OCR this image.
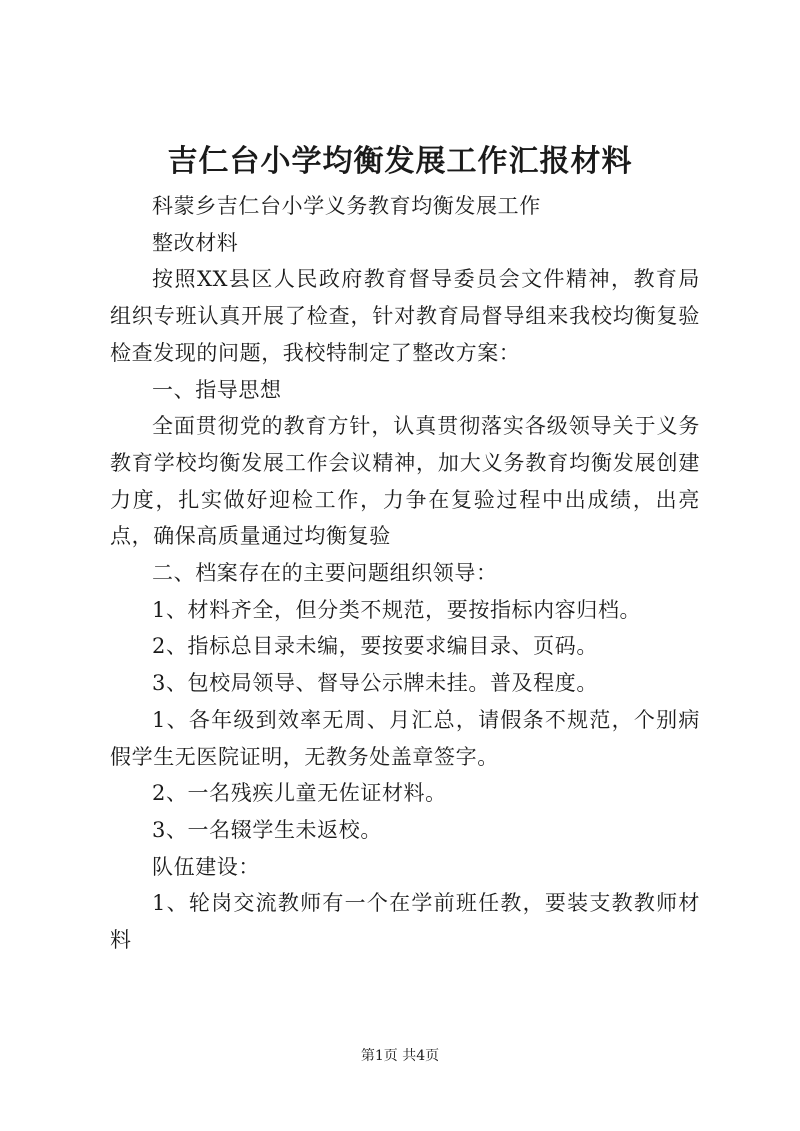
吉仁台小学均衡发展工作汇报材料

科蒙乡吉仁台小学义务教育均衡发展工作

整改材料

按照XX县区人民政府教育督导委员会文件精神，教育局组织专班认真开展了检查，针对教育局督导组来我校均衡复验检查发现的问题，我校特制定了整改方案：

一、指导思想

全面贯彻党的教育方针，认真贯彻落实各级领导关于义务教育学校均衡发展工作会议精神，加大义务教育均衡发展创建力度，扎实做好迎检工作，力争在复验过程中出成绩，出亮点，确保高质量通过均衡复验

二、档案存在的主要问题组织领导：

1、材料齐全，但分类不规范，要按指标内容归档。

2、指标总目录未编，要按要求编目录、页码。

3、包校局领导、督导公示牌未挂。普及程度。

1、各年级到效率无周、月汇总，请假条不规范，个别病假学生无医院证明，无教务处盖章签字。

2、一名残疾儿童无佐证材料。

3、一名辍学生未返校。

队伍建设：

1、轮岗交流教师有一个在学前班任教，要装支教教师材料

第1页 共4页
